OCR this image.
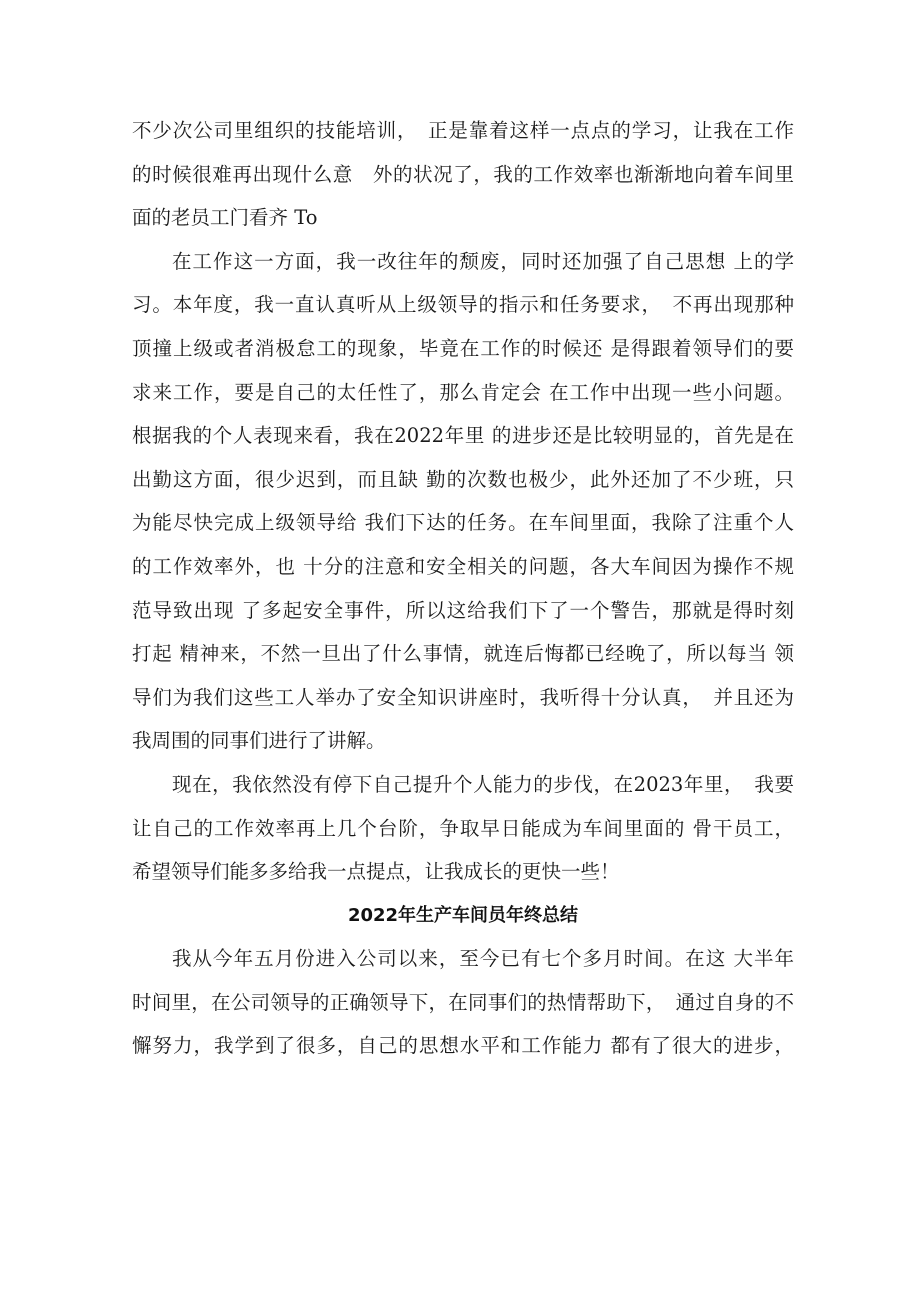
不少次公司里组织的技能培训，　正是靠着这样一点点的学习，让我在工作
的时候很难再出现什么意　外的状况了，我的工作效率也渐渐地向着车间里
面的老员工门看齐 To
在工作这一方面，我一改往年的颓废，同时还加强了自己思想 上的学
习。本年度，我一直认真听从上级领导的指示和任务要求，　不再出现那种
顶撞上级或者消极怠工的现象，毕竟在工作的时候还 是得跟着领导们的要
求来工作，要是自己的太任性了，那么肯定会 在工作中出现一些小问题。
根据我的个人表现来看，我在2022年里 的进步还是比较明显的，首先是在
出勤这方面，很少迟到，而且缺 勤的次数也极少，此外还加了不少班，只
为能尽快完成上级领导给 我们下达的任务。在车间里面，我除了注重个人
的工作效率外，也 十分的注意和安全相关的问题，各大车间因为操作不规
范导致出现 了多起安全事件，所以这给我们下了一个警告，那就是得时刻
打起 精神来，不然一旦出了什么事情，就连后悔都已经晚了，所以每当 领
导们为我们这些工人举办了安全知识讲座时，我听得十分认真，　并且还为
我周围的同事们进行了讲解。
现在，我依然没有停下自己提升个人能力的步伐，在2023年里，　我要
让自己的工作效率再上几个台阶，争取早日能成为车间里面的 骨干员工，
希望领导们能多多给我一点提点，让我成长的更快一些！
2022年生产车间员年终总结
我从今年五月份进入公司以来，至今已有七个多月时间。在这 大半年
时间里，在公司领导的正确领导下，在同事们的热情帮助下，　通过自身的不
懈努力，我学到了很多，自己的思想水平和工作能力 都有了很大的进步，
